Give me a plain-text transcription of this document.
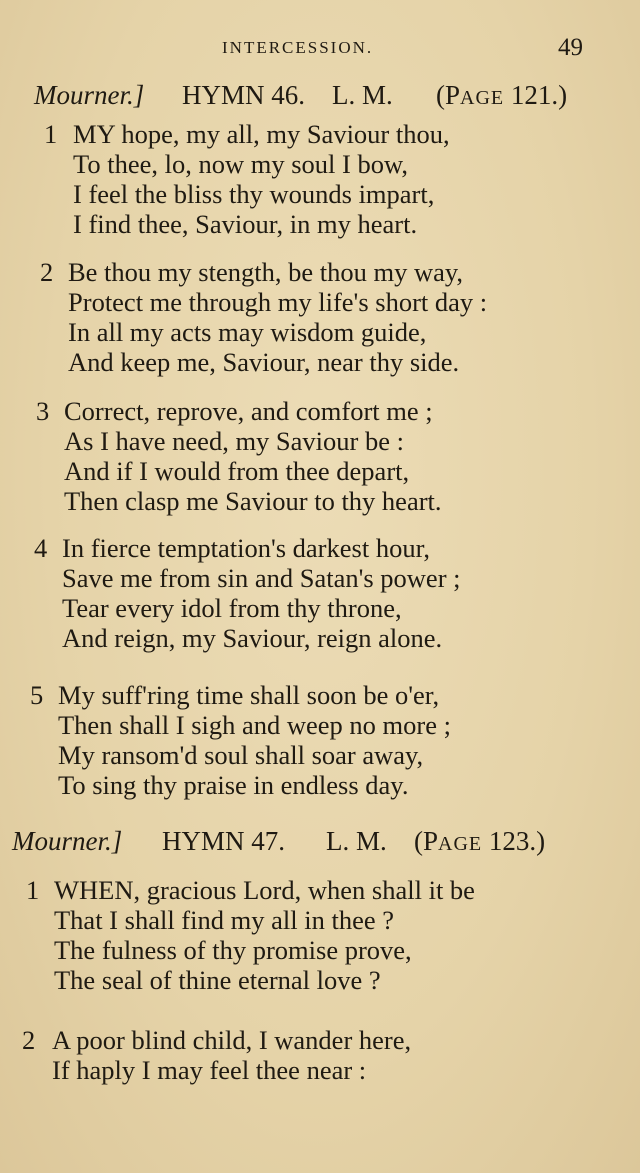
INTERCESSION.	49
Mourner.] HYMN 46. L. M. (PAGE 121.)
1 MY hope, my all, my Saviour thou,
To thee, lo, now my soul I bow,
I feel the bliss thy wounds impart,
I find thee, Saviour, in my heart.
2 Be thou my stength, be thou my way,
Protect me through my life's short day :
In all my acts may wisdom guide,
And keep me, Saviour, near thy side.
3 Correct, reprove, and comfort me ;
As I have need, my Saviour be :
And if I would from thee depart,
Then clasp me Saviour to thy heart.
4 In fierce temptation's darkest hour,
Save me from sin and Satan's power ;
Tear every idol from thy throne,
And reign, my Saviour, reign alone.
5 My suff'ring time shall soon be o'er,
Then shall I sigh and weep no more ;
My ransom'd soul shall soar away,
To sing thy praise in endless day.
Mourner.] HYMN 47. L. M. (PAGE 123.)
1 WHEN, gracious Lord, when shall it be
That I shall find my all in thee ?
The fulness of thy promise prove,
The seal of thine eternal love ?
2 A poor blind child, I wander here,
If haply I may feel thee near :
